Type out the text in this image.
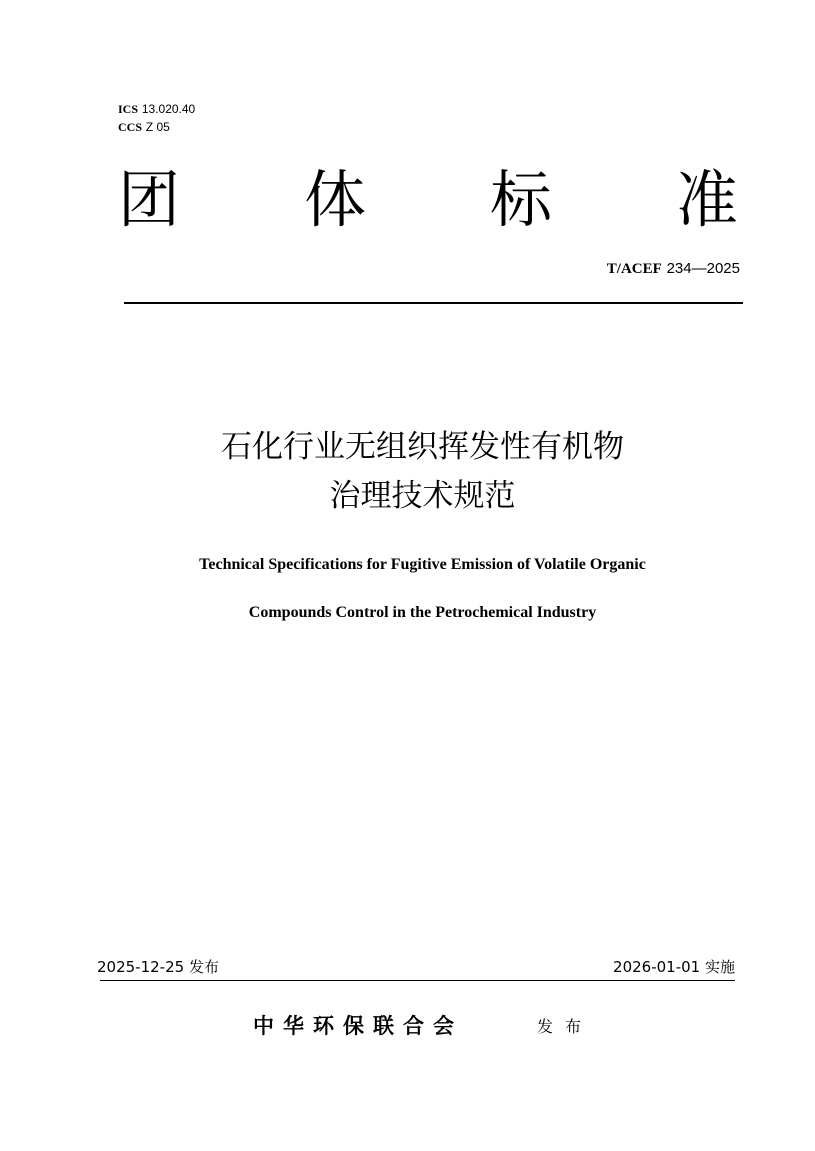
ICS 13.020.40
CCS Z 05
团 体 标 准
T/ACEF 234—2025
石化行业无组织挥发性有机物
治理技术规范
Technical Specifications for Fugitive Emission of Volatile Organic
Compounds Control in the Petrochemical Industry
2025-12-25 发布	2026-01-01 实施
中华环保联合会	发布
